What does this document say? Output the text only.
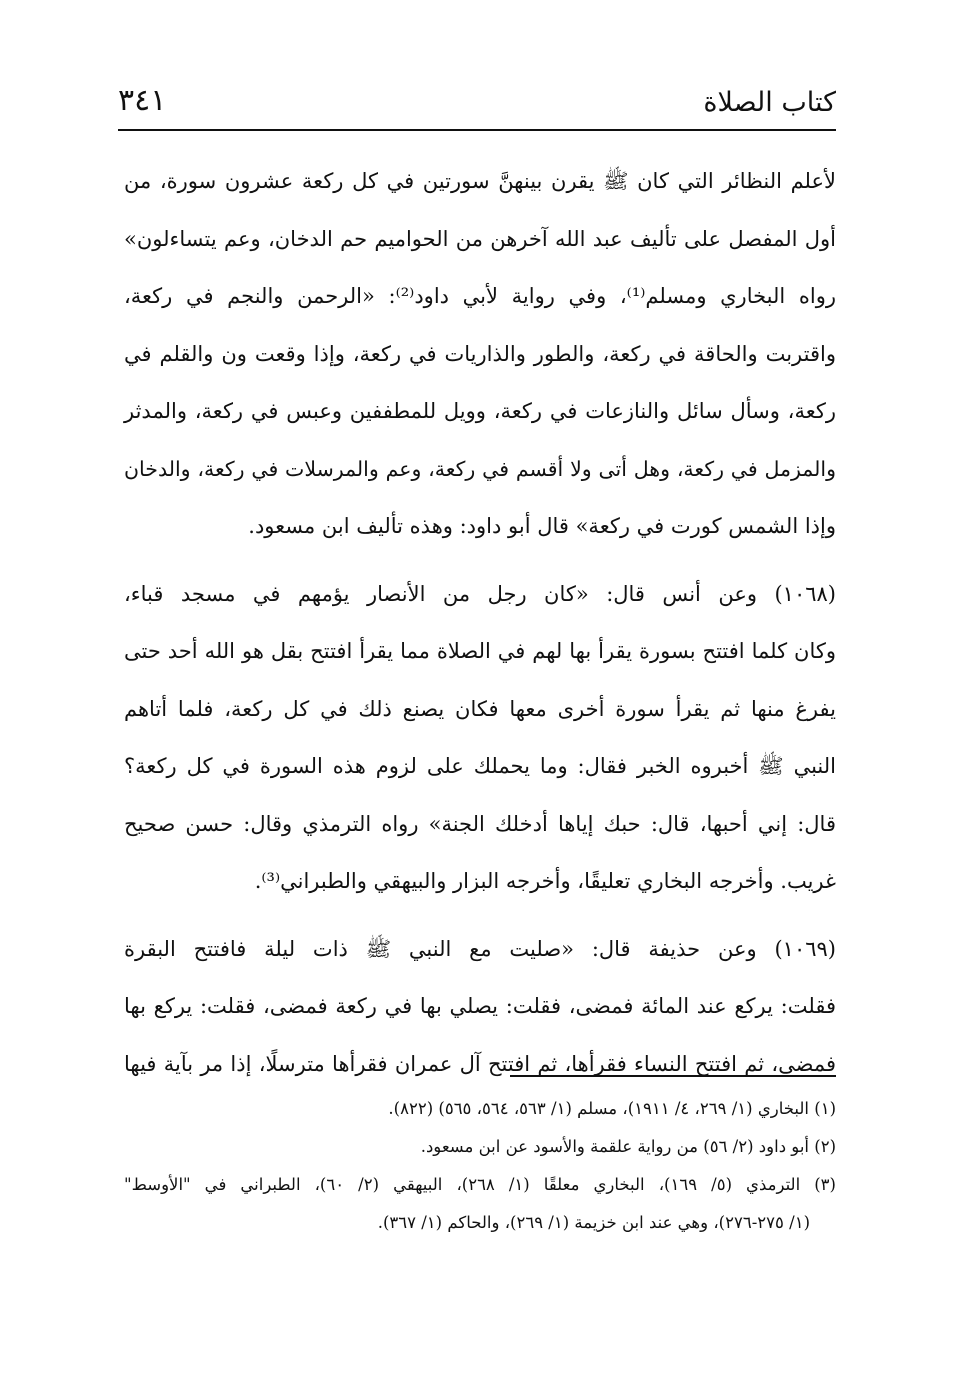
كتاب الصلاة
٣٤١
لأعلم النظائر التي كان ﷺ يقرن بينهنَّ سورتين في كل ركعة عشرون سورة، من
أول المفصل على تأليف عبد الله آخرهن من الحواميم حم الدخان، وعم يتساءلون»
رواه البخاري ومسلم⁽¹⁾، وفي رواية لأبي داود⁽²⁾: «الرحمن والنجم في ركعة،
واقتربت والحاقة في ركعة، والطور والذاريات في ركعة، وإذا وقعت ون والقلم في
ركعة، وسأل سائل والنازعات في ركعة، وويل للمطففين وعبس في ركعة، والمدثر
والمزمل في ركعة، وهل أتى ولا أقسم في ركعة، وعم والمرسلات في ركعة، والدخان
وإذا الشمس كورت في ركعة» قال أبو داود: وهذه تأليف ابن مسعود.
(١٠٦٨) وعن أنس قال: «كان رجل من الأنصار يؤمهم في مسجد قباء،
وكان كلما افتتح بسورة يقرأ بها لهم في الصلاة مما يقرأ افتتح بقل هو الله أحد حتى
يفرغ منها ثم يقرأ سورة أخرى معها فكان يصنع ذلك في كل ركعة، فلما أتاهم
النبي ﷺ أخبروه الخبر فقال: وما يحملك على لزوم هذه السورة في كل ركعة؟
قال: إني أحبها، قال: حبك إياها أدخلك الجنة» رواه الترمذي وقال: حسن صحيح
غريب. وأخرجه البخاري تعليقًا، وأخرجه البزار والبيهقي والطبراني⁽³⁾.
(١٠٦٩) وعن حذيفة قال: «صليت مع النبي ﷺ ذات ليلة فافتتح البقرة
فقلت: يركع عند المائة فمضى، فقلت: يصلي بها في ركعة فمضى، فقلت: يركع بها
فمضى، ثم افتتح النساء فقرأها، ثم افتتح آل عمران فقرأها مترسلًا، إذا مر بآية فيها
(١) البخاري (١/ ٢٦٩، ٤/ ١٩١١)، مسلم (١/ ٥٦٣، ٥٦٤، ٥٦٥) (٨٢٢).
(٢) أبو داود (٢/ ٥٦) من رواية علقمة والأسود عن ابن مسعود.
(٣) الترمذي (٥/ ١٦٩)، البخاري معلقًا (١/ ٢٦٨)، البيهقي (٢/ ٦٠)، الطبراني في "الأوسط"
(١/ ٢٧٥-٢٧٦)، وهي عند ابن خزيمة (١/ ٢٦٩)، والحاكم (١/ ٣٦٧).
